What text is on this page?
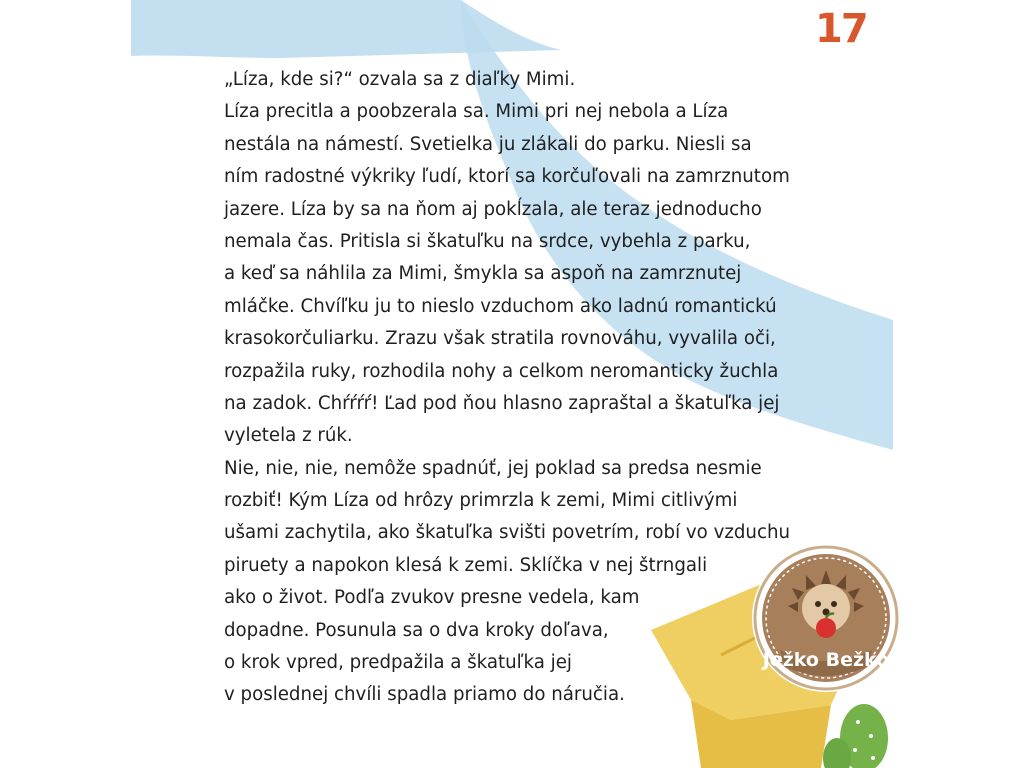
17
„Líza, kde si?“ ozvala sa z diaľky Mimi.
Líza precitla a poobzerala sa. Mimi pri nej nebola a Líza
nestála na námestí. Svetielka ju zlákali do parku. Niesli sa
ním radostné výkriky ľudí, ktorí sa korčuľovali na zamrznutom
jazere. Líza by sa na ňom aj pokĺzala, ale teraz jednoducho
nemala čas. Pritisla si škatuľku na srdce, vybehla z parku,
a keď sa náhlila za Mimi, šmykla sa aspoň na zamrznutej
mláčke. Chvíľku ju to nieslo vzduchom ako ladnú romantickú
krasokorčuliarku. Zrazu však stratila rovnováhu, vyvalila oči,
rozpažila ruky, rozhodila nohy a celkom neromanticky žuchla
na zadok. Chŕŕŕŕ! Ľad pod ňou hlasno zapraštal a škatuľka jej
vyletela z rúk.
Nie, nie, nie, nemôže spadnúť, jej poklad sa predsa nesmie
rozbiť! Kým Líza od hrôzy primrzla k zemi, Mimi citlivými
ušami zachytila, ako škatuľka svišti povetrím, robí vo vzduchu
piruety a napokon klesá k zemi. Sklíčka v nej štrngali
ako o život. Podľa zvukov presne vedela, kam
dopadne. Posunula sa o dva kroky doľava,
o krok vpred, predpažila a škatuľka jej
v poslednej chvíli spadla priamo do náručia.
Ježko Bežko
